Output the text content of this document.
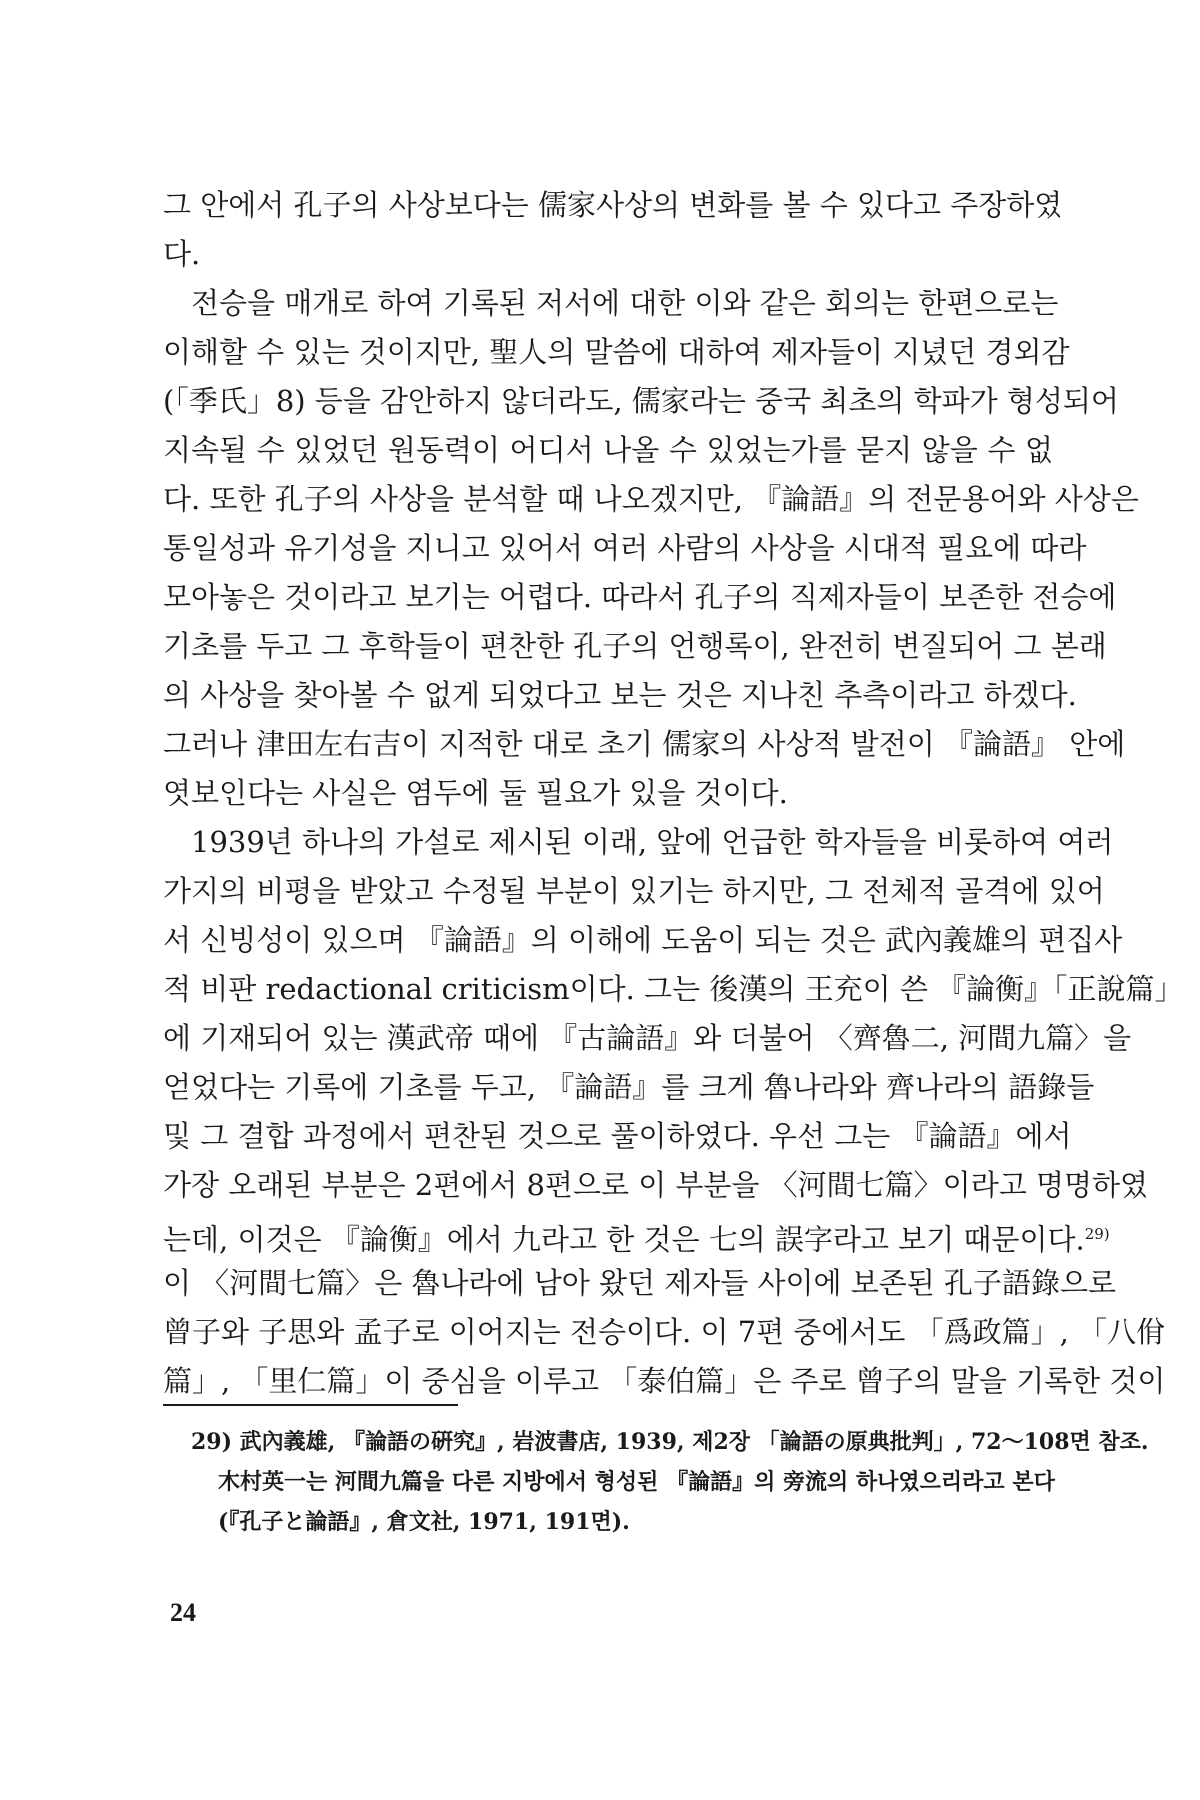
그 안에서 孔子의 사상보다는 儒家사상의 변화를 볼 수 있다고 주장하였
다.
전승을 매개로 하여 기록된 저서에 대한 이와 같은 회의는 한편으로는
이해할 수 있는 것이지만, 聖人의 말씀에 대하여 제자들이 지녔던 경외감
(「季氏」8) 등을 감안하지 않더라도, 儒家라는 중국 최초의 학파가 형성되어
지속될 수 있었던 원동력이 어디서 나올 수 있었는가를 묻지 않을 수 없
다. 또한 孔子의 사상을 분석할 때 나오겠지만, 『論語』의 전문용어와 사상은
통일성과 유기성을 지니고 있어서 여러 사람의 사상을 시대적 필요에 따라
모아놓은 것이라고 보기는 어렵다. 따라서 孔子의 직제자들이 보존한 전승에
기초를 두고 그 후학들이 편찬한 孔子의 언행록이, 완전히 변질되어 그 본래
의 사상을 찾아볼 수 없게 되었다고 보는 것은 지나친 추측이라고 하겠다.
그러나 津田左右吉이 지적한 대로 초기 儒家의 사상적 발전이 『論語』 안에
엿보인다는 사실은 염두에 둘 필요가 있을 것이다.
1939년 하나의 가설로 제시된 이래, 앞에 언급한 학자들을 비롯하여 여러
가지의 비평을 받았고 수정될 부분이 있기는 하지만, 그 전체적 골격에 있어
서 신빙성이 있으며 『論語』의 이해에 도움이 되는 것은 武內義雄의 편집사
적 비판 redactional criticism이다. 그는 後漢의 王充이 쓴 『論衡』「正說篇」
에 기재되어 있는 漢武帝 때에 『古論語』와 더불어 〈齊魯二, 河間九篇〉을
얻었다는 기록에 기초를 두고, 『論語』를 크게 魯나라와 齊나라의 語錄들
및 그 결합 과정에서 편찬된 것으로 풀이하였다. 우선 그는 『論語』에서
가장 오래된 부분은 2편에서 8편으로 이 부분을 〈河間七篇〉이라고 명명하였
는데, 이것은 『論衡』에서 九라고 한 것은 七의 誤字라고 보기 때문이다.$^{29)}$
이 〈河間七篇〉은 魯나라에 남아 왔던 제자들 사이에 보존된 孔子語錄으로
曾子와 子思와 孟子로 이어지는 전승이다. 이 7편 중에서도 「爲政篇」, 「八佾
篇」, 「里仁篇」이 중심을 이루고 「泰伯篇」은 주로 曾子의 말을 기록한 것이
29) 武內義雄, 『論語の硏究』, 岩波書店, 1939, 제2장 「論語の原典批判」, 72～108면 참조.
木村英一는 河間九篇을 다른 지방에서 형성된 『論語』의 旁流의 하나였으리라고 본다
(『孔子と論語』, 倉文社, 1971, 191면).
24
